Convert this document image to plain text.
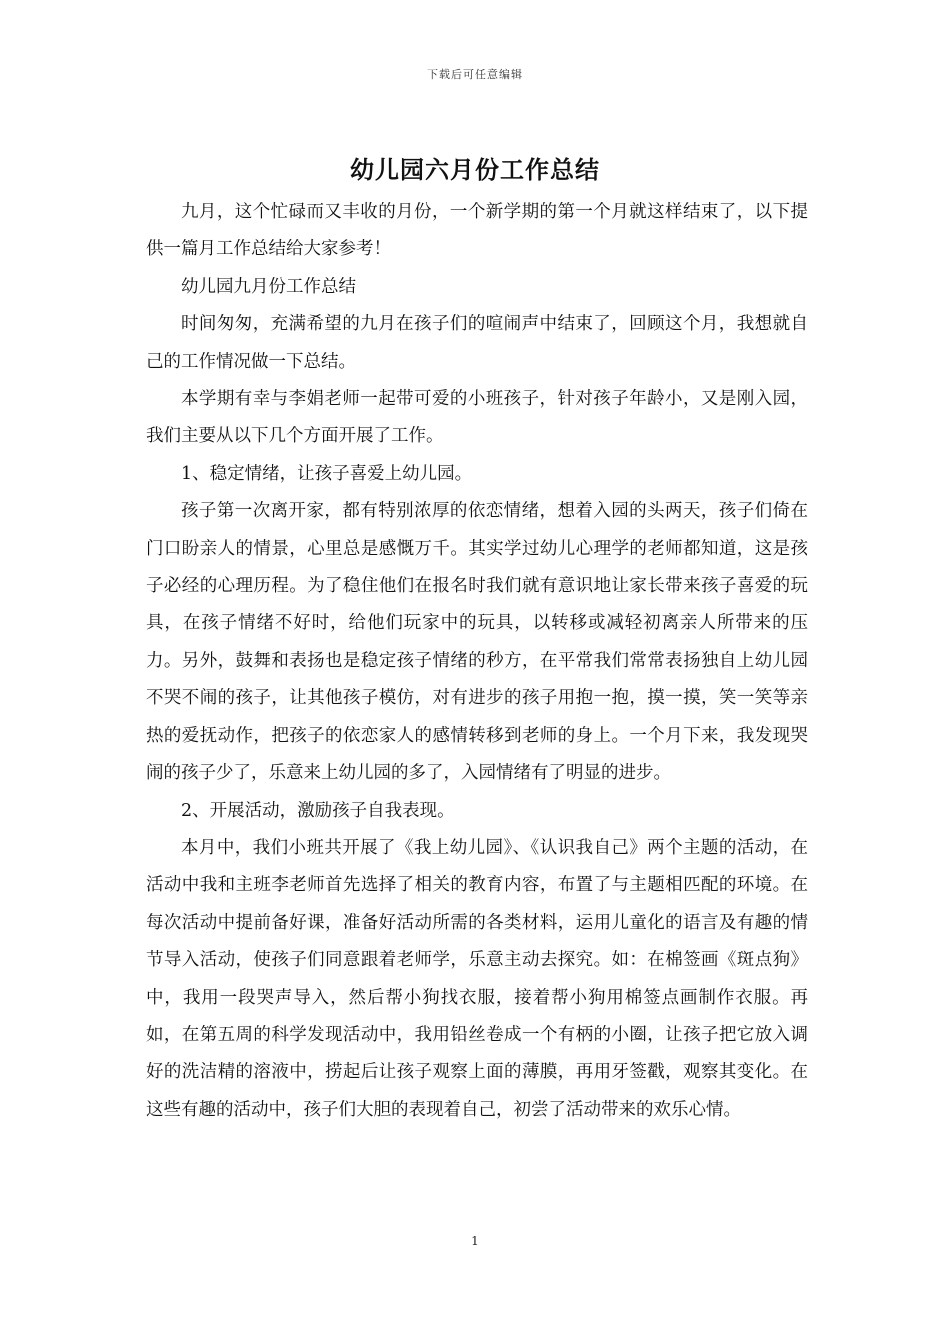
下载后可任意编辑
幼儿园六月份工作总结

九月，这个忙碌而又丰收的月份，一个新学期的第一个月就这样结束了，以下提供一篇月工作总结给大家参考！

幼儿园九月份工作总结

时间匆匆，充满希望的九月在孩子们的喧闹声中结束了，回顾这个月，我想就自己的工作情况做一下总结。

本学期有幸与李娟老师一起带可爱的小班孩子，针对孩子年龄小，又是刚入园，我们主要从以下几个方面开展了工作。

1、稳定情绪，让孩子喜爱上幼儿园。

孩子第一次离开家，都有特别浓厚的依恋情绪，想着入园的头两天，孩子们倚在门口盼亲人的情景，心里总是感慨万千。其实学过幼儿心理学的老师都知道，这是孩子必经的心理历程。为了稳住他们在报名时我们就有意识地让家长带来孩子喜爱的玩具，在孩子情绪不好时，给他们玩家中的玩具，以转移或减轻初离亲人所带来的压力。另外，鼓舞和表扬也是稳定孩子情绪的秒方，在平常我们常常表扬独自上幼儿园不哭不闹的孩子，让其他孩子模仿，对有进步的孩子用抱一抱，摸一摸，笑一笑等亲热的爱抚动作，把孩子的依恋家人的感情转移到老师的身上。一个月下来，我发现哭闹的孩子少了，乐意来上幼儿园的多了，入园情绪有了明显的进步。

2、开展活动，激励孩子自我表现。

本月中，我们小班共开展了《我上幼儿园》、《认识我自己》两个主题的活动，在活动中我和主班李老师首先选择了相关的教育内容，布置了与主题相匹配的环境。在每次活动中提前备好课，准备好活动所需的各类材料，运用儿童化的语言及有趣的情节导入活动，使孩子们同意跟着老师学，乐意主动去探究。如：在棉签画《斑点狗》中，我用一段哭声导入，然后帮小狗找衣服，接着帮小狗用棉签点画制作衣服。再如，在第五周的科学发现活动中，我用铅丝卷成一个有柄的小圈，让孩子把它放入调好的洗洁精的溶液中，捞起后让孩子观察上面的薄膜，再用牙签戳，观察其变化。在这些有趣的活动中，孩子们大胆的表现着自己，初尝了活动带来的欢乐心情。

1
